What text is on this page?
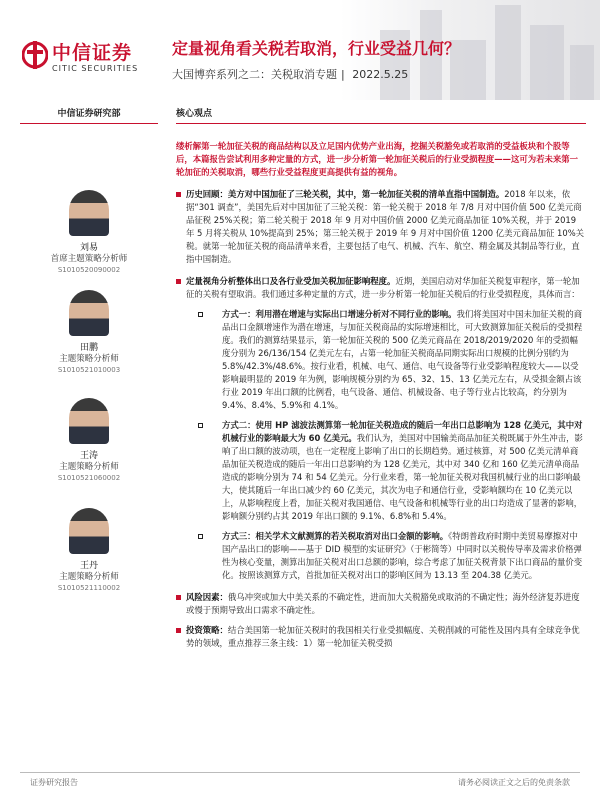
中信证券
CITIC SECURITIES
定量视角看关税若取消，行业受益几何？
大国博弈系列之二：关税取消专题 | 2022.5.25
中信证券研究部
刘易
首席主题策略分析师
S1010520090002
田鹏
主题策略分析师
S1010521010003
王涛
主题策略分析师
S1010521060002
王丹
主题策略分析师
S1010521110002
核心观点
缕析解第一轮加征关税的商品结构以及立足国内优势产业出海，挖掘关税豁免或若取消的受益板块和个股等后，本篇报告尝试利用多种定量的方式，进一步分析第一轮加征关税后的行业受损程度——这可为若未来第一轮加征的关税取消，哪些行业受益程度更高提供有益的视角。
历史回顾：美方对中国加征了三轮关税，其中，第一轮加征关税的清单直指中国制造。2018 年以来，依据“301 调查”，美国先后对中国加征了三轮关税：第一轮关税于 2018 年 7/8 月对中国价值 500 亿美元商品征税 25%关税；第二轮关税于 2018 年 9 月对中国价值 2000 亿美元商品加征 10%关税，并于 2019 年 5 月将关税从 10%提高到 25%；第三轮关税于 2019 年 9 月对中国价值 1200 亿美元商品加征 10%关税。就第一轮加征关税的商品清单来看，主要包括了电气、机械、汽车、航空、精金属及其制品等行业，直指中国制造。
定量视角分析整体出口及各行业受加关税加征影响程度。近期，美国启动对华加征关税复审程序，第一轮加征的关税有望取消。我们通过多种定量的方式，进一步分析第一轮加征关税后的行业受损程度，具体而言：
方式一：利用潜在增速与实际出口增速分析对不同行业的影响。我们将美国对中国未加征关税的商品出口金额增速作为潜在增速，与加征关税商品的实际增速相比，可大致测算加征关税后的受损程度。我们的测算结果显示，第一轮加征关税的 500 亿美元商品在 2018/2019/2020 年的受损幅度分别为 26/136/154 亿美元左右，占第一轮加征关税商品同期实际出口规模的比例分别约为 5.8%/42.3%/48.6%。按行业看，机械、电气、通信、电气设备等行业受影响程度较大——以受影响最明显的 2019 年为例，影响规模分别约为 65、32、15、13 亿美元左右，从受损金额占该行业 2019 年出口额的比例看，电气设备、通信、机械设备、电子等行业占比较高，约分别为 9.4%、8.4%、5.9%和 4.1%。
方式二：使用 HP 滤波法测算第一轮加征关税造成的随后一年出口总影响为 128 亿美元，其中对机械行业的影响最大为 60 亿美元。我们认为，美国对中国输美商品加征关税既属于外生冲击，影响了出口额的波动项，也在一定程度上影响了出口的长期趋势。通过核算，对 500 亿美元清单商品加征关税造成的随后一年出口总影响约为 128 亿美元，其中对 340 亿和 160 亿美元清单商品造成的影响分别为 74 和 54 亿美元。分行业来看，第一轮加征关税对我国机械行业的出口影响最大，使其随后一年出口减少约 60 亿美元，其次为电子和通信行业，受影响额均在 10 亿美元以上，从影响程度上看，加征关税对我国通信、电气设备和机械等行业的出口均造成了显著的影响，影响额分别约占其 2019 年出口额的 9.1%、6.8%和 5.4%。
方式三：相关学术文献测算的若关税取消对出口金额的影响。《特朗普政府时期中美贸易摩擦对中国产品出口的影响——基于 DID 模型的实证研究》（于彬简等）中同时以关税传导率及需求价格弹性为核心变量，测算出加征关税对出口总额的影响，综合考虑了加征关税背景下出口商品的量价变化。按照该测算方式，首批加征关税对出口的影响区间为 13.13 至 204.38 亿美元。
风险因素：俄乌冲突或加大中美关系的不确定性，进而加大关税豁免或取消的不确定性；海外经济复苏进度或慢于预期导致出口需求不确定性。
投资策略：结合美国第一轮加征关税时的我国相关行业受损幅度、关税削减的可能性及国内具有全球竞争优势的领域，重点推荐三条主线：1）第一轮加征关税受损
证券研究报告	请务必阅读正文之后的免责条款
